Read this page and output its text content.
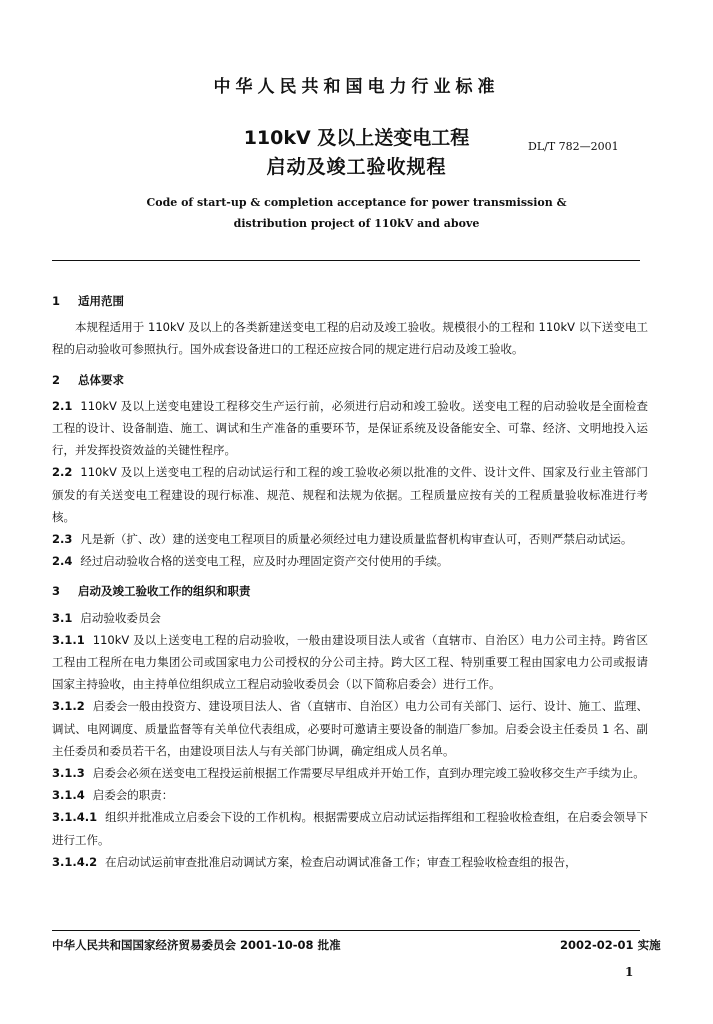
中华人民共和国电力行业标准
110kV 及以上送变电工程
启动及竣工验收规程
DL/T 782—2001
Code of start-up & completion acceptance for power transmission &
distribution project of 110kV and above
1 适用范围

本规程适用于 110kV 及以上的各类新建送变电工程的启动及竣工验收。规模很小的工程和 110kV 以下送变电工程的启动验收可参照执行。国外成套设备进口的工程还应按合同的规定进行启动及竣工验收。

2 总体要求

2.1 110kV 及以上送变电建设工程移交生产运行前，必须进行启动和竣工验收。送变电工程的启动验收是全面检查工程的设计、设备制造、施工、调试和生产准备的重要环节，是保证系统及设备能安全、可靠、经济、文明地投入运行，并发挥投资效益的关键性程序。

2.2 110kV 及以上送变电工程的启动试运行和工程的竣工验收必须以批准的文件、设计文件、国家及行业主管部门颁发的有关送变电工程建设的现行标准、规范、规程和法规为依据。工程质量应按有关的工程质量验收标准进行考核。

2.3 凡是新（扩、改）建的送变电工程项目的质量必须经过电力建设质量监督机构审查认可，否则严禁启动试运。

2.4 经过启动验收合格的送变电工程，应及时办理固定资产交付使用的手续。

3 启动及竣工验收工作的组织和职责

3.1 启动验收委员会

3.1.1 110kV 及以上送变电工程的启动验收，一般由建设项目法人或省（直辖市、自治区）电力公司主持。跨省区工程由工程所在电力集团公司或国家电力公司授权的分公司主持。跨大区工程、特别重要工程由国家电力公司或报请国家主持验收，由主持单位组织成立工程启动验收委员会（以下简称启委会）进行工作。

3.1.2 启委会一般由投资方、建设项目法人、省（直辖市、自治区）电力公司有关部门、运行、设计、施工、监理、调试、电网调度、质量监督等有关单位代表组成，必要时可邀请主要设备的制造厂参加。启委会设主任委员 1 名、副主任委员和委员若干名，由建设项目法人与有关部门协调，确定组成人员名单。

3.1.3 启委会必须在送变电工程投运前根据工作需要尽早组成并开始工作，直到办理完竣工验收移交生产手续为止。

3.1.4 启委会的职责：

3.1.4.1 组织并批准成立启委会下设的工作机构。根据需要成立启动试运指挥组和工程验收检查组，在启委会领导下进行工作。

3.1.4.2 在启动试运前审查批准启动调试方案，检查启动调试准备工作；审查工程验收检查组的报告，

中华人民共和国国家经济贸易委员会 2001-10-08 批准	2002-02-01 实施
1
